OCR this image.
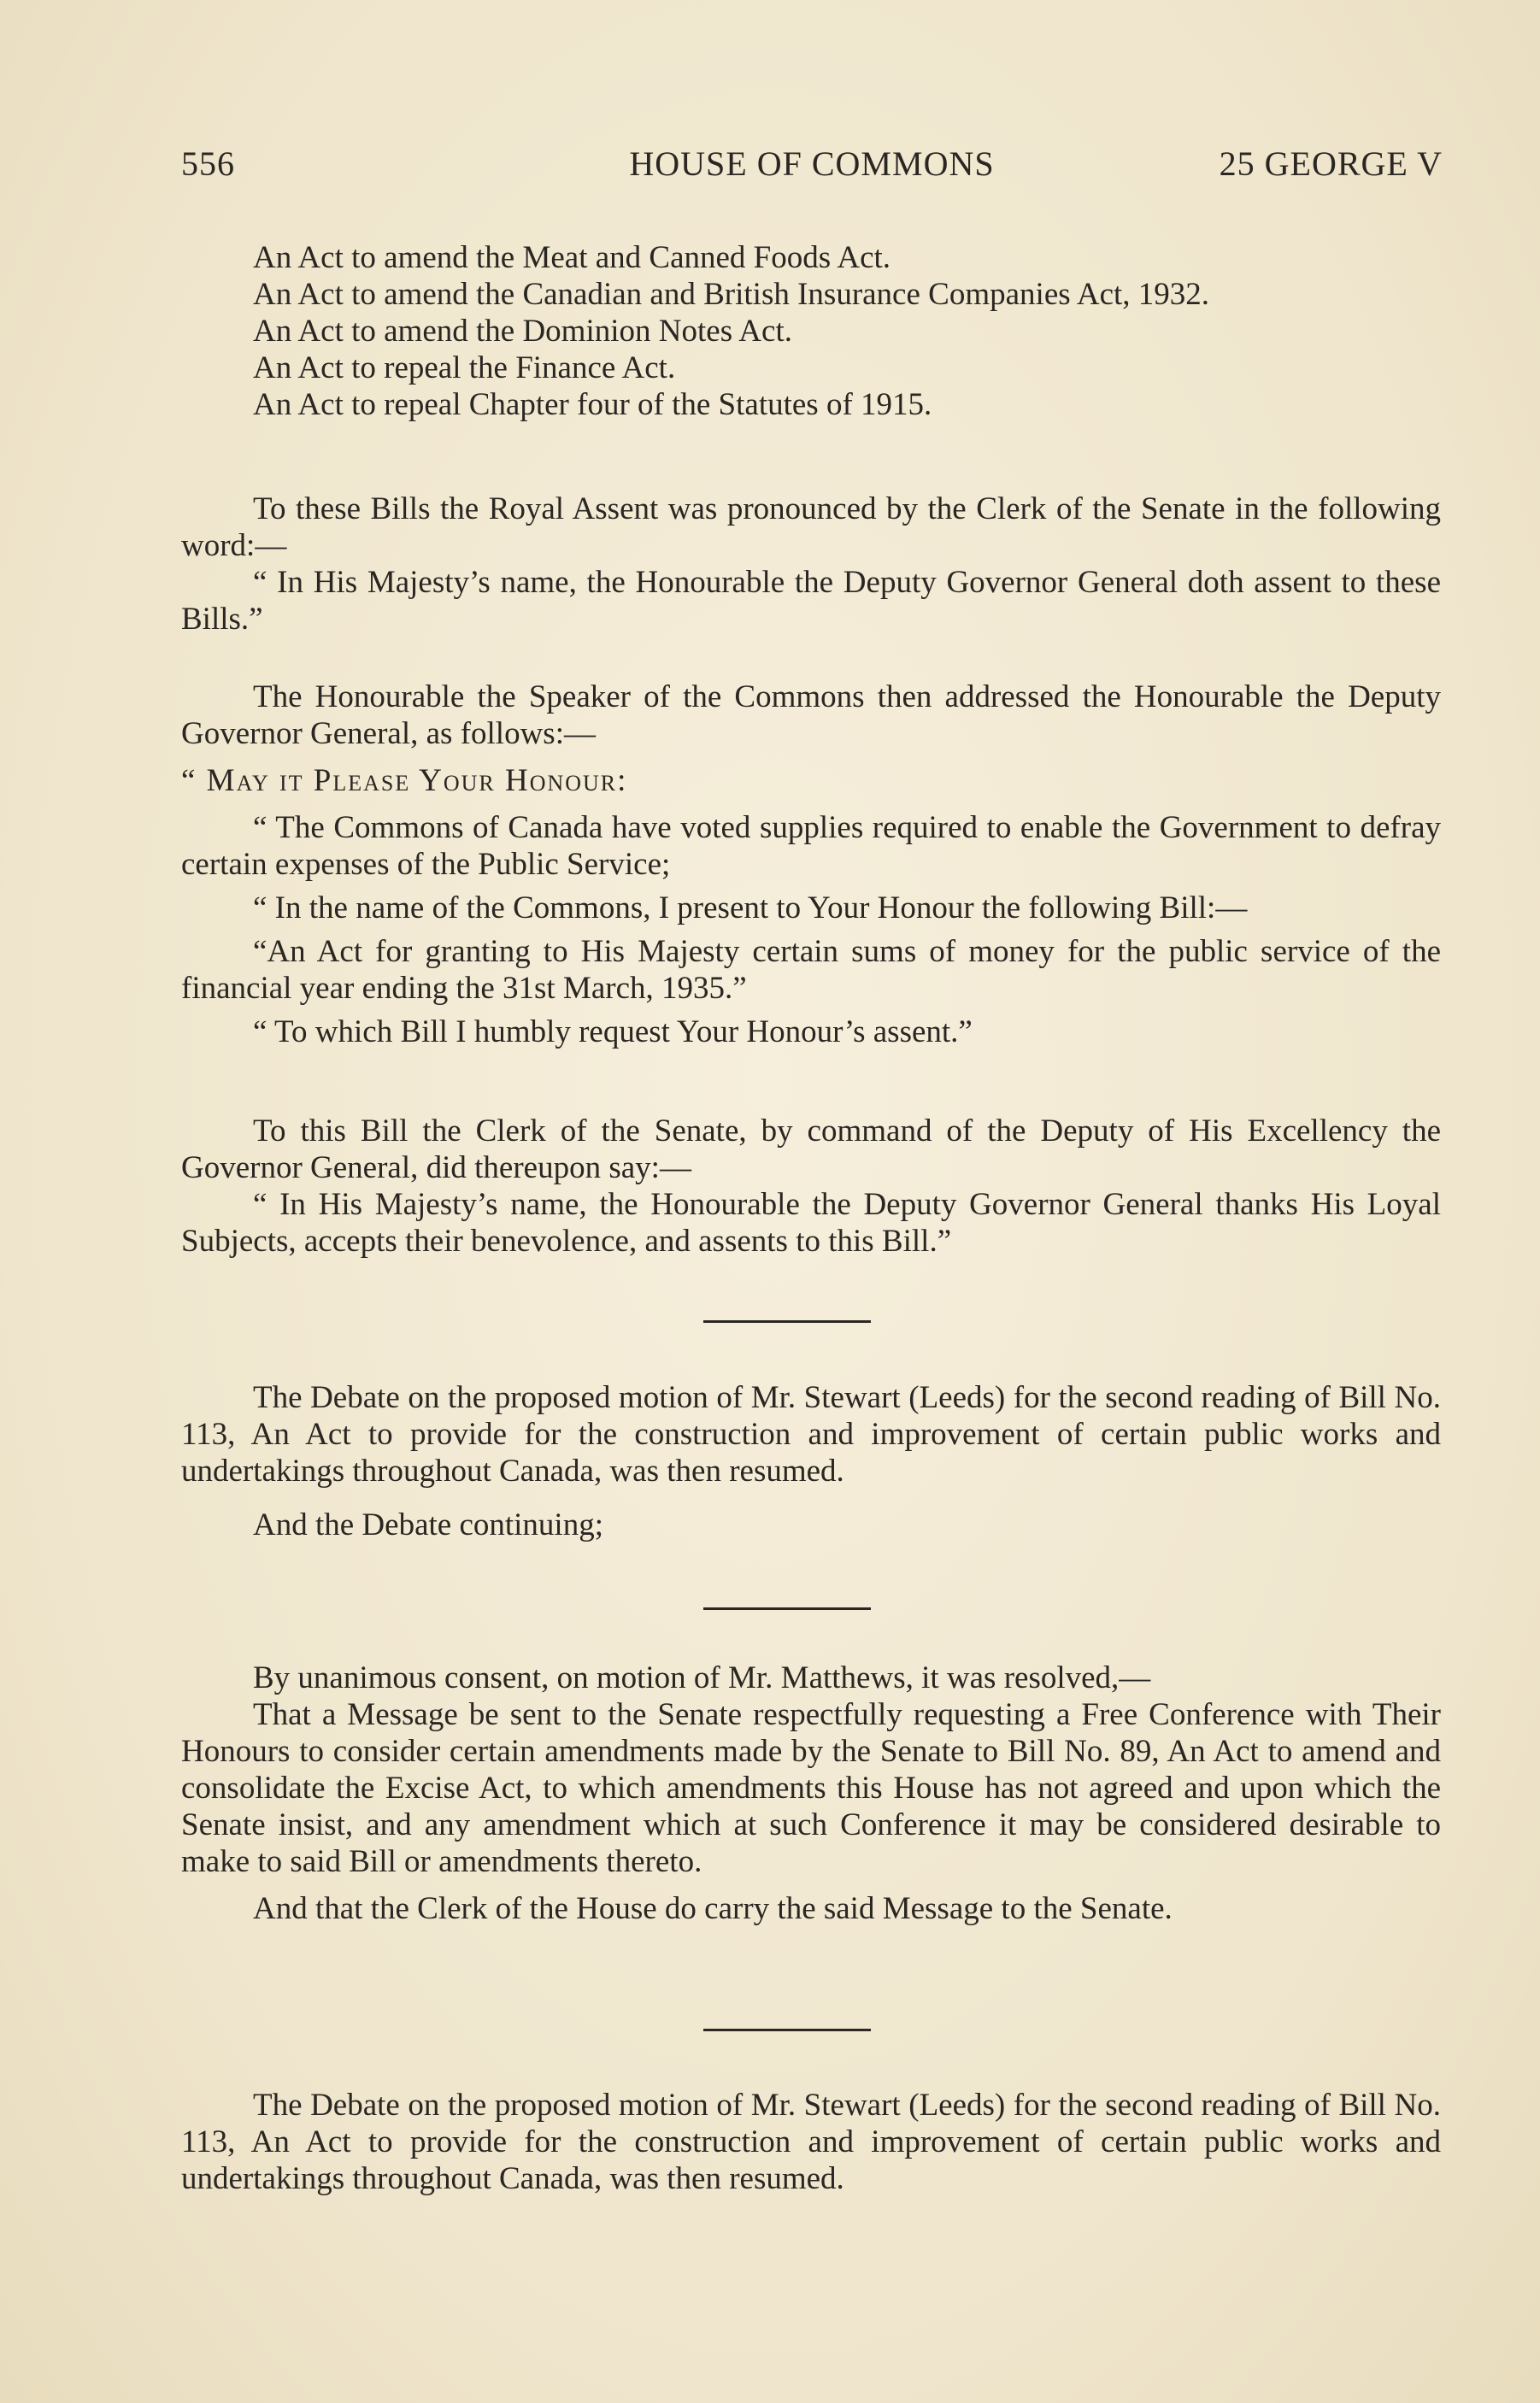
556	HOUSE OF COMMONS	25 GEORGE V

An Act to amend the Meat and Canned Foods Act.

An Act to amend the Canadian and British Insurance Companies Act, 1932.

An Act to amend the Dominion Notes Act.

An Act to repeal the Finance Act.

An Act to repeal Chapter four of the Statutes of 1915.

To these Bills the Royal Assent was pronounced by the Clerk of the Senate in the following word:—

“ In His Majesty’s name, the Honourable the Deputy Governor General doth assent to these Bills.”

The Honourable the Speaker of the Commons then addressed the Honourable the Deputy Governor General, as follows:—

“ May it Please Your Honour:

“ The Commons of Canada have voted supplies required to enable the Government to defray certain expenses of the Public Service;

“ In the name of the Commons, I present to Your Honour the following Bill:—

“An Act for granting to His Majesty certain sums of money for the public service of the financial year ending the 31st March, 1935.”

“ To which Bill I humbly request Your Honour’s assent.”

To this Bill the Clerk of the Senate, by command of the Deputy of His Excellency the Governor General, did thereupon say:—

“ In His Majesty’s name, the Honourable the Deputy Governor General thanks His Loyal Subjects, accepts their benevolence, and assents to this Bill.”

The Debate on the proposed motion of Mr. Stewart (Leeds) for the second reading of Bill No. 113, An Act to provide for the construction and improvement of certain public works and undertakings throughout Canada, was then resumed.

And the Debate continuing;

By unanimous consent, on motion of Mr. Matthews, it was resolved,—

That a Message be sent to the Senate respectfully requesting a Free Conference with Their Honours to consider certain amendments made by the Senate to Bill No. 89, An Act to amend and consolidate the Excise Act, to which amendments this House has not agreed and upon which the Senate insist, and any amendment which at such Conference it may be considered desirable to make to said Bill or amendments thereto.

And that the Clerk of the House do carry the said Message to the Senate.

The Debate on the proposed motion of Mr. Stewart (Leeds) for the second reading of Bill No. 113, An Act to provide for the construction and improvement of certain public works and undertakings throughout Canada, was then resumed.
